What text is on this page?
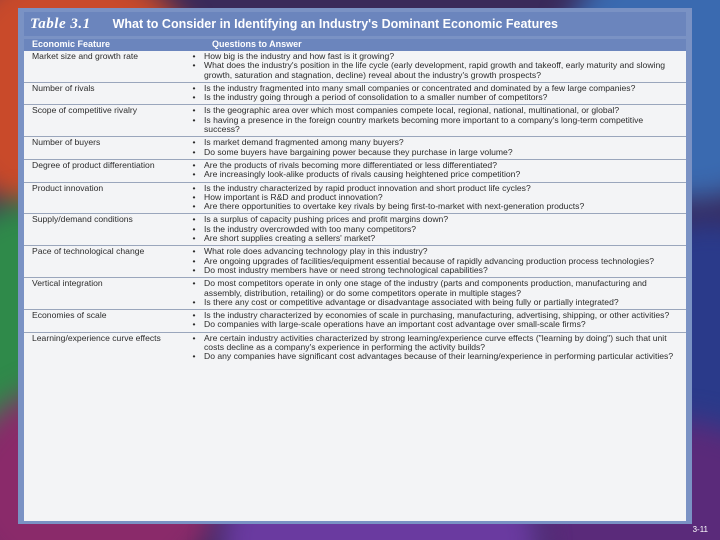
Table 3.1 What to Consider in Identifying an Industry's Dominant Economic Features
Economic Feature	Questions to Answer
Market size and growth rate	• How big is the industry and how fast is it growing?
• What does the industry's position in the life cycle (early development, rapid growth and takeoff, early maturity and slowing growth, saturation and stagnation, decline) reveal about the industry's growth prospects?
Number of rivals	• Is the industry fragmented into many small companies or concentrated and dominated by a few large companies?
• Is the industry going through a period of consolidation to a smaller number of competitors?
Scope of competitive rivalry	• Is the geographic area over which most companies compete local, regional, national, multinational, or global?
• Is having a presence in the foreign country markets becoming more important to a company's long-term competitive success?
Number of buyers	• Is market demand fragmented among many buyers?
• Do some buyers have bargaining power because they purchase in large volume?
Degree of product differentiation	• Are the products of rivals becoming more differentiated or less differentiated?
• Are increasingly look-alike products of rivals causing heightened price competition?
Product innovation	• Is the industry characterized by rapid product innovation and short product life cycles?
• How important is R&D and product innovation?
• Are there opportunities to overtake key rivals by being first-to-market with next-generation products?
Supply/demand conditions	• Is a surplus of capacity pushing prices and profit margins down?
• Is the industry overcrowded with too many competitors?
• Are short supplies creating a sellers' market?
Pace of technological change	• What role does advancing technology play in this industry?
• Are ongoing upgrades of facilities/equipment essential because of rapidly advancing production process technologies?
• Do most industry members have or need strong technological capabilities?
Vertical integration	• Do most competitors operate in only one stage of the industry (parts and components production, manufacturing and assembly, distribution, retailing) or do some competitors operate in multiple stages?
• Is there any cost or competitive advantage or disadvantage associated with being fully or partially integrated?
Economies of scale	• Is the industry characterized by economies of scale in purchasing, manufacturing, advertising, shipping, or other activities?
• Do companies with large-scale operations have an important cost advantage over small-scale firms?
Learning/experience curve effects	• Are certain industry activities characterized by strong learning/experience curve effects ("learning by doing") such that unit costs decline as a company's experience in performing the activity builds?
• Do any companies have significant cost advantages because of their learning/experience in performing particular activities?
3-11
